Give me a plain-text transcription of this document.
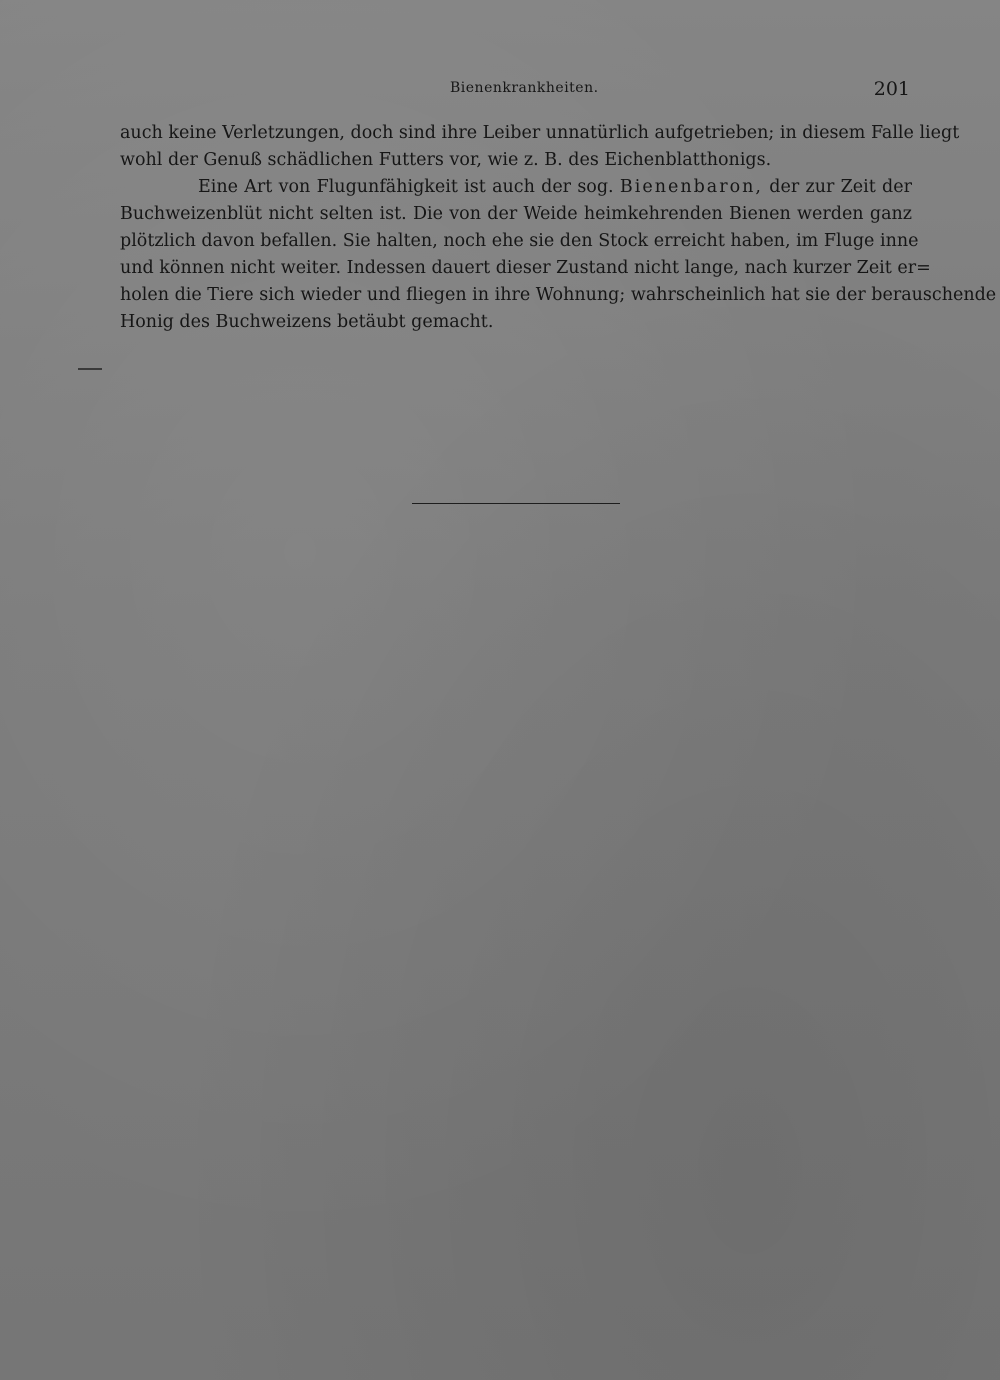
Bienenkrankheiten.	201
auch keine Verletzungen, doch sind ihre Leiber unnatürlich aufgetrieben; in diesem Falle liegt
wohl der Genuß schädlichen Futters vor, wie z. B. des Eichenblatthonigs.
Eine Art von Flugunfähigkeit ist auch der sog. Bienenbaron, der zur Zeit der
Buchweizenblüt nicht selten ist. Die von der Weide heimkehrenden Bienen werden ganz
plötzlich davon befallen. Sie halten, noch ehe sie den Stock erreicht haben, im Fluge inne
und können nicht weiter. Indessen dauert dieser Zustand nicht lange, nach kurzer Zeit er=
holen die Tiere sich wieder und fliegen in ihre Wohnung; wahrscheinlich hat sie der berauschende
Honig des Buchweizens betäubt gemacht.
